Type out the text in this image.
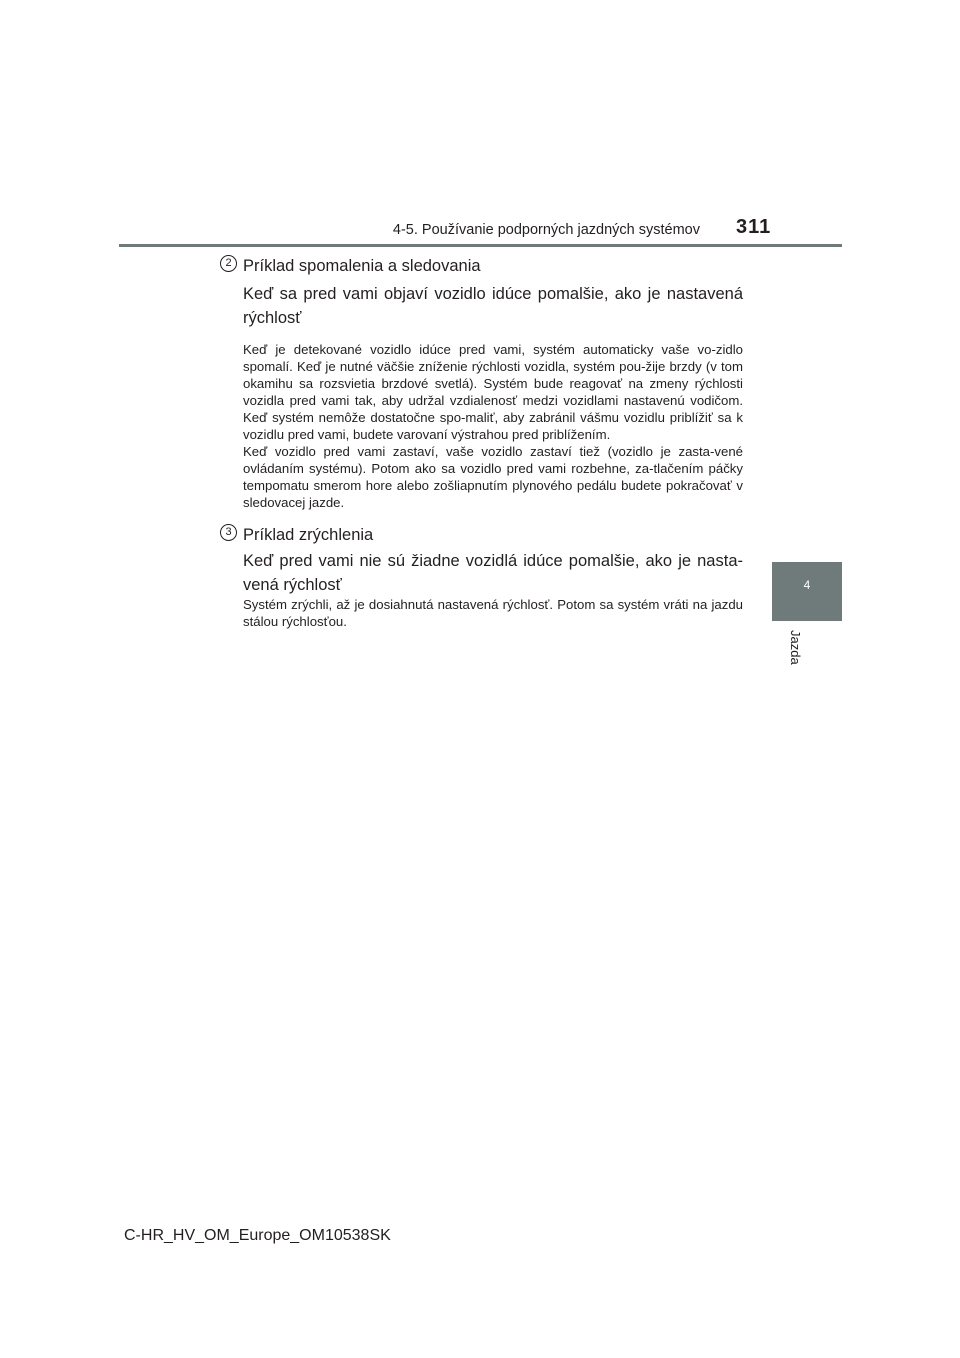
4-5. Používanie podporných jazdných systémov 311
4
Jazda
2 Príklad spomalenia a sledovania
Keď sa pred vami objaví vozidlo idúce pomalšie, ako je nastavená rýchlosť

Keď je detekované vozidlo idúce pred vami, systém automaticky vaše vo-zidlo spomalí. Keď je nutné väčšie zníženie rýchlosti vozidla, systém pou-žije brzdy (v tom okamihu sa rozsvietia brzdové svetlá). Systém bude reagovať na zmeny rýchlosti vozidla pred vami tak, aby udržal vzdialenosť medzi vozidlami nastavenú vodičom. Keď systém nemôže dostatočne spo-maliť, aby zabránil vášmu vozidlu priblížiť sa k vozidlu pred vami, budete varovaní výstrahou pred priblížením.

Keď vozidlo pred vami zastaví, vaše vozidlo zastaví tiež (vozidlo je zasta-vené ovládaním systému). Potom ako sa vozidlo pred vami rozbehne, za-tlačením páčky tempomatu smerom hore alebo zošliapnutím plynového pedálu budete pokračovať v sledovacej jazde.

3 Príklad zrýchlenia
Keď pred vami nie sú žiadne vozidlá idúce pomalšie, ako je nasta-vená rýchlosť

Systém zrýchli, až je dosiahnutá nastavená rýchlosť. Potom sa systém vráti na jazdu stálou rýchlosťou.

C-HR_HV_OM_Europe_OM10538SK
